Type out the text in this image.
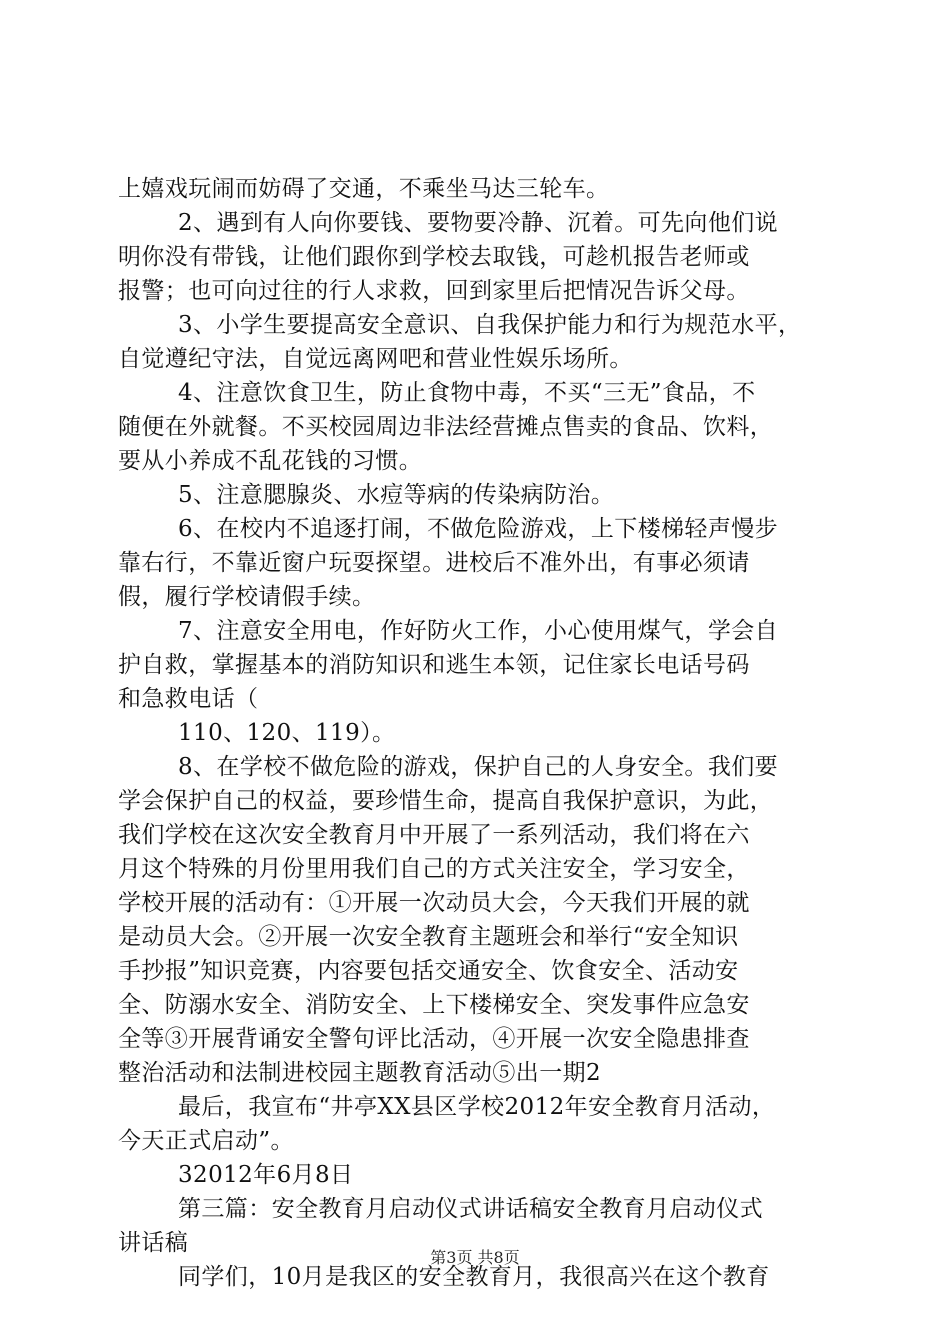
上嬉戏玩闹而妨碍了交通，不乘坐马达三轮车。
2、遇到有人向你要钱、要物要冷静、沉着。可先向他们说
明你没有带钱，让他们跟你到学校去取钱，可趁机报告老师或
报警；也可向过往的行人求救，回到家里后把情况告诉父母。
3、小学生要提高安全意识、自我保护能力和行为规范水平，
自觉遵纪守法，自觉远离网吧和营业性娱乐场所。
4、注意饮食卫生，防止食物中毒，不买“三无”食品，不
随便在外就餐。不买校园周边非法经营摊点售卖的食品、饮料，
要从小养成不乱花钱的习惯。
5、注意腮腺炎、水痘等病的传染病防治。
6、在校内不追逐打闹，不做危险游戏，上下楼梯轻声慢步
靠右行，不靠近窗户玩耍探望。进校后不准外出，有事必须请
假，履行学校请假手续。
7、注意安全用电，作好防火工作，小心使用煤气，学会自
护自救，掌握基本的消防知识和逃生本领，记住家长电话号码
和急救电话（
110、120、119）。
8、在学校不做危险的游戏，保护自己的人身安全。我们要
学会保护自己的权益，要珍惜生命，提高自我保护意识，为此，
我们学校在这次安全教育月中开展了一系列活动，我们将在六
月这个特殊的月份里用我们自己的方式关注安全，学习安全，
学校开展的活动有：①开展一次动员大会，今天我们开展的就
是动员大会。②开展一次安全教育主题班会和举行“安全知识
手抄报”知识竞赛，内容要包括交通安全、饮食安全、活动安
全、防溺水安全、消防安全、上下楼梯安全、突发事件应急安
全等③开展背诵安全警句评比活动，④开展一次安全隐患排查
整治活动和法制进校园主题教育活动⑤出一期2
最后，我宣布“井亭XX县区学校2012年安全教育月活动，
今天正式启动”。
32012年6月8日
第三篇：安全教育月启动仪式讲话稿安全教育月启动仪式
讲话稿
同学们，10月是我区的安全教育月，我很高兴在这个教育
第3页 共8页
